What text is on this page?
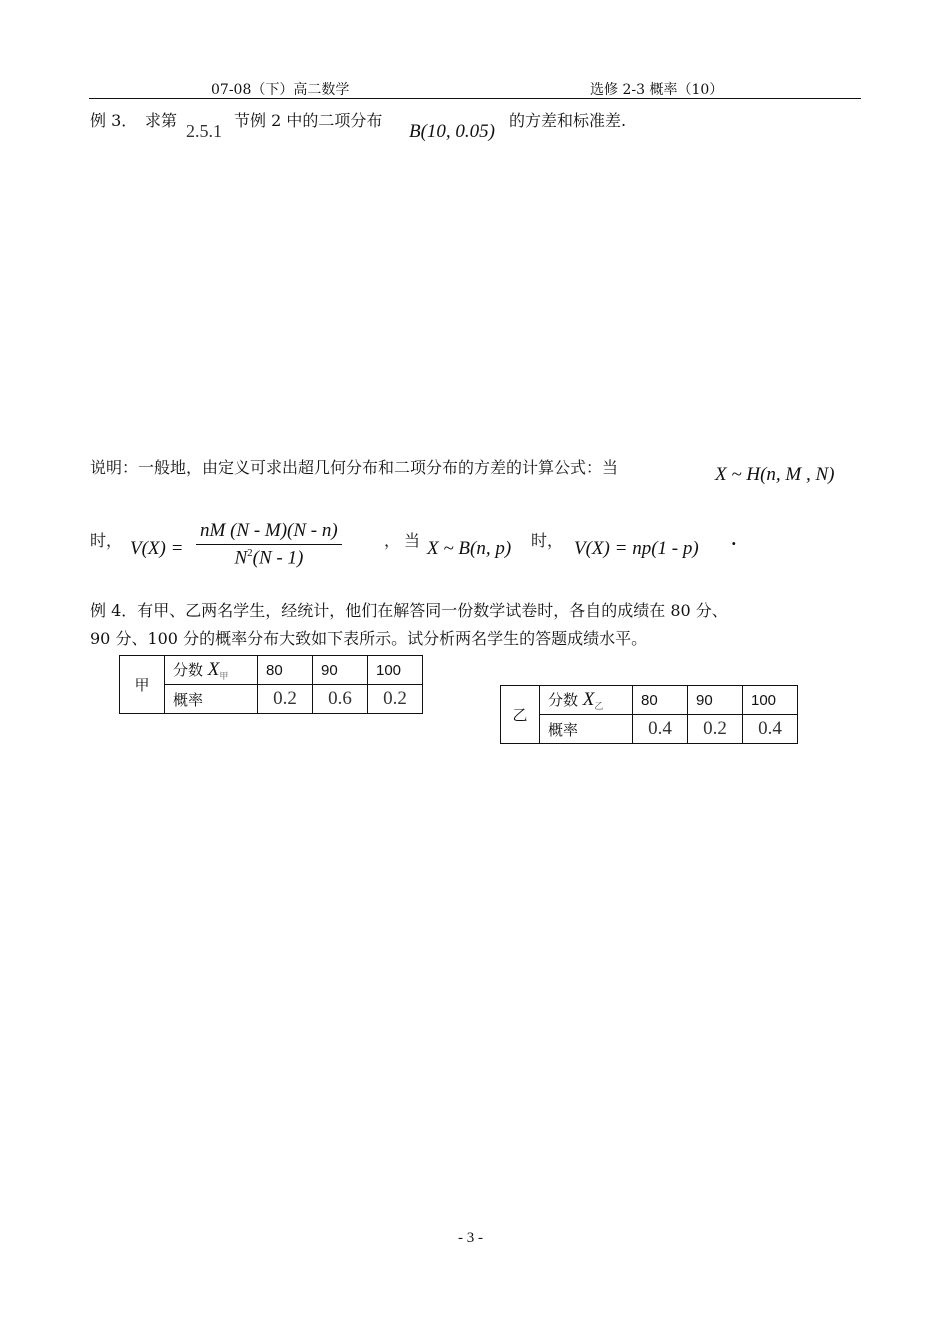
07-08（下）高二数学	选修 2-3 概率（10）
例 3． 求第
2.5.1
节例 2 中的二项分布
B(10, 0.05)
的方差和标准差.
说明：一般地，由定义可求出超几何分布和二项分布的方差的计算公式：当	X ~ H(n, M , N)
时， $V(X) = \frac{nM (N - M)(N - n)}{N^2(N - 1)}$	， 当 X ~ B(n, p) 时， V(X) = np(1 - p) .
例 4．有甲、乙两名学生，经统计，他们在解答同一份数学试卷时，各自的成绩在 80 分、
90 分、100 分的概率分布大致如下表所示。试分析两名学生的答题成绩水平。
甲	分数 $X_甲$	80	90	100
	概率	0.2	0.6	0.2
乙	分数 $X_乙$	80	90	100
	概率	0.4	0.2	0.4
- 3 -
